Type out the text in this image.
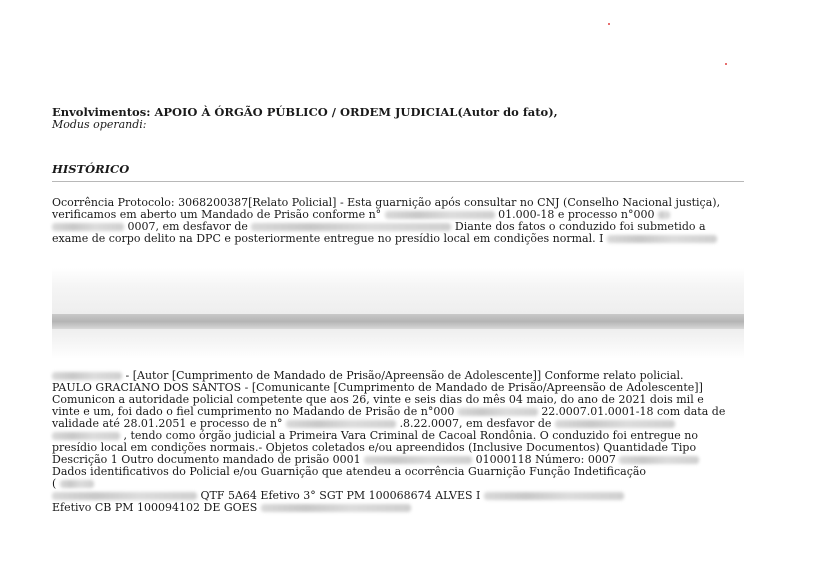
Envolvimentos: APOIO À ÓRGÃO PÚBLICO / ORDEM JUDICIAL(Autor do fato),
Modus operandi:
HISTÓRICO
Ocorrência Protocolo: 3068200387[Relato Policial] - Esta guarnição após consultar no CNJ (Conselho Nacional justiça),
verificamos em aberto um Mandado de Prisão conforme n°	01.000-18 e processo n°000
0007, em desfavor de	Diante dos fatos o conduzido foi submetido a
exame de corpo delito na DPC e posteriormente entregue no presídio local em condições normal. I
- [Autor [Cumprimento de Mandado de Prisão/Apreensão de Adolescente]] Conforme relato policial.
PAULO GRACIANO DOS SANTOS - [Comunicante [Cumprimento de Mandado de Prisão/Apreensão de Adolescente]]
Comunicon a autoridade policial competente que aos 26, vinte e seis dias do mês 04 maio, do ano de 2021 dois mil e
vinte e um, foi dado o fiel cumprimento no Madando de Prisão de n°000	22.0007.01.0001-18 com data de
validade até 28.01.2051 e processo de n°	.8.22.0007, em desfavor de
, tendo como órgão judicial a Primeira Vara Criminal de Cacoal Rondônia. O conduzido foi entregue no
presídio local em condições normais.- Objetos coletados e/ou apreendidos (Inclusive Documentos) Quantidade Tipo
Descrição 1 Outro documento mandado de prisão 0001	01000118 Número: 0007
Dados identificativos do Policial e/ou Guarnição que atendeu a ocorrência Guarnição Função Indetificação
(
QTF 5A64 Efetivo 3° SGT PM 100068674 ALVES I
Efetivo CB PM 100094102 DE GOES
